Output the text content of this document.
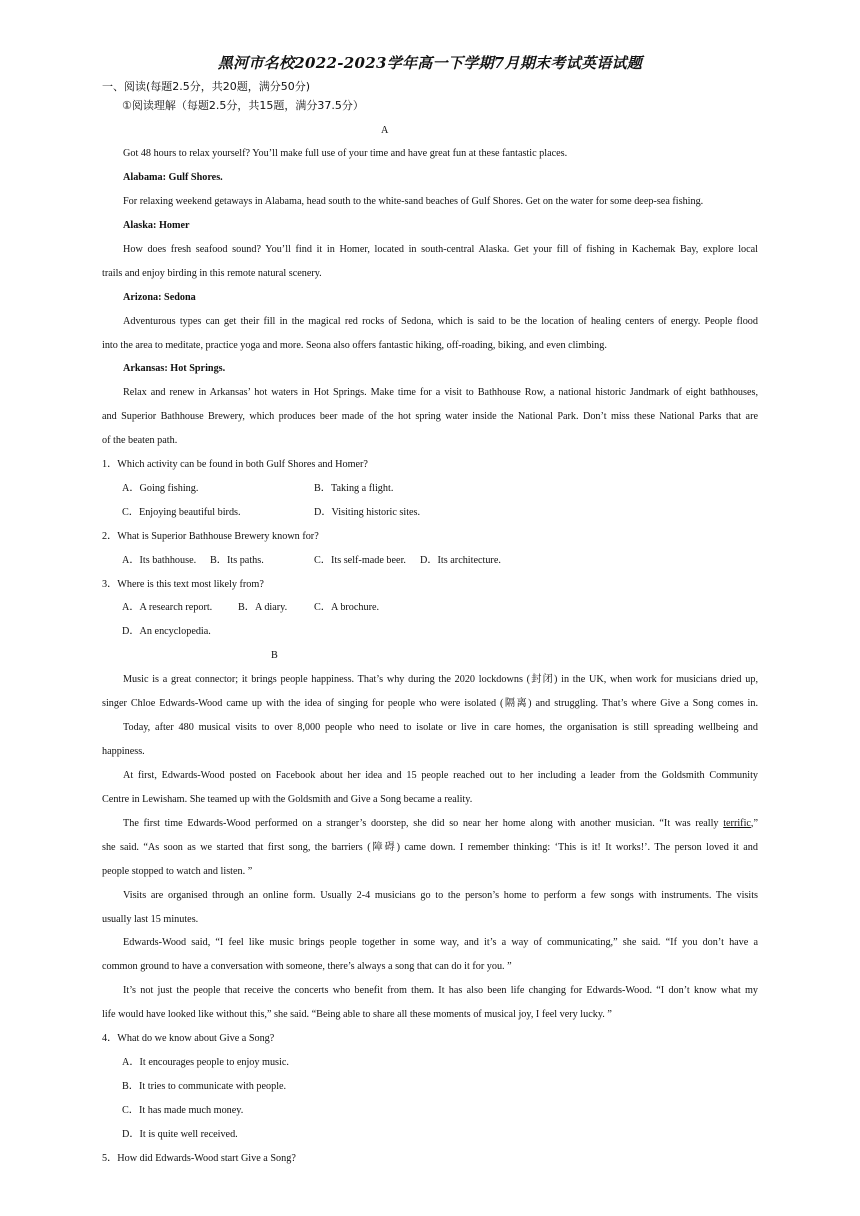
黑河市名校2022-2023学年高一下学期7月期末考试英语试题
一、阅读(每题2.5分，共20题，满分50分)
①阅读理解（每题2.5分，共15题，满分37.5分）
A
Got 48 hours to relax yourself? You’ll make full use of your time and have great fun at these fantastic places.
Alabama: Gulf Shores.
For relaxing weekend getaways in Alabama, head south to the white-sand beaches of Gulf Shores. Get on the water for some deep-sea fishing.
Alaska: Homer
How does fresh seafood sound? You’ll find it in Homer, located in south-central Alaska. Get your fill of fishing in Kachemak Bay, explore local
trails and enjoy birding in this remote natural scenery.
Arizona: Sedona
Adventurous types can get their fill in the magical red rocks of Sedona, which is said to be the location of healing centers of energy. People flood
into the area to meditate, practice yoga and more. Seona also offers fantastic hiking, off-roading, biking, and even climbing.
Arkansas: Hot Springs.
Relax and renew in Arkansas’ hot waters in Hot Springs. Make time for a visit to Bathhouse Row, a national historic Jandmark of eight bathhouses,
and Superior Bathhouse Brewery, which produces beer made of the hot spring water inside the National Park. Don’t miss these National Parks that are
of the beaten path.
1．Which activity can be found in both Gulf Shores and Homer?
A．Going fishing.	B．Taking a flight.
C．Enjoying beautiful birds.	D．Visiting historic sites.
2．What is Superior Bathhouse Brewery known for?
A．Its bathhouse. B．Its paths.	C．Its self-made beer. D．Its architecture.
3．Where is this text most likely from?
A．A research report.	B．A diary.	C．A brochure.
D．An encyclopedia.
B
Music is a great connector; it brings people happiness. That’s why during the 2020 lockdowns (封闭) in the UK, when work for musicians dried up,
singer Chloe Edwards-Wood came up with the idea of singing for people who were isolated (隔离) and struggling. That’s where Give a Song comes in.
Today, after 480 musical visits to over 8,000 people who need to isolate or live in care homes, the organisation is still spreading wellbeing and
happiness.
At first, Edwards-Wood posted on Facebook about her idea and 15 people reached out to her including a leader from the Goldsmith Community
Centre in Lewisham. She teamed up with the Goldsmith and Give a Song became a reality.
The first time Edwards-Wood performed on a stranger’s doorstep, she did so near her home along with another musician. “It was really terrific,”
she said. “As soon as we started that first song, the barriers (障碍) came down. I remember thinking: ‘This is it! It works!’. The person loved it and
people stopped to watch and listen. ”
Visits are organised through an online form. Usually 2-4 musicians go to the person’s home to perform a few songs with instruments. The visits
usually last 15 minutes.
Edwards-Wood said, “I feel like music brings people together in some way, and it’s a way of communicating,” she said. “If you don’t have a
common ground to have a conversation with someone, there’s always a song that can do it for you. ”
It’s not just the people that receive the concerts who benefit from them. It has also been life changing for Edwards-Wood. “I don’t know what my
life would have looked like without this,” she said. “Being able to share all these moments of musical joy, I feel very lucky. ”
4．What do we know about Give a Song?
A．It encourages people to enjoy music.
B．It tries to communicate with people.
C．It has made much money.
D．It is quite well received.
5．How did Edwards-Wood start Give a Song?
